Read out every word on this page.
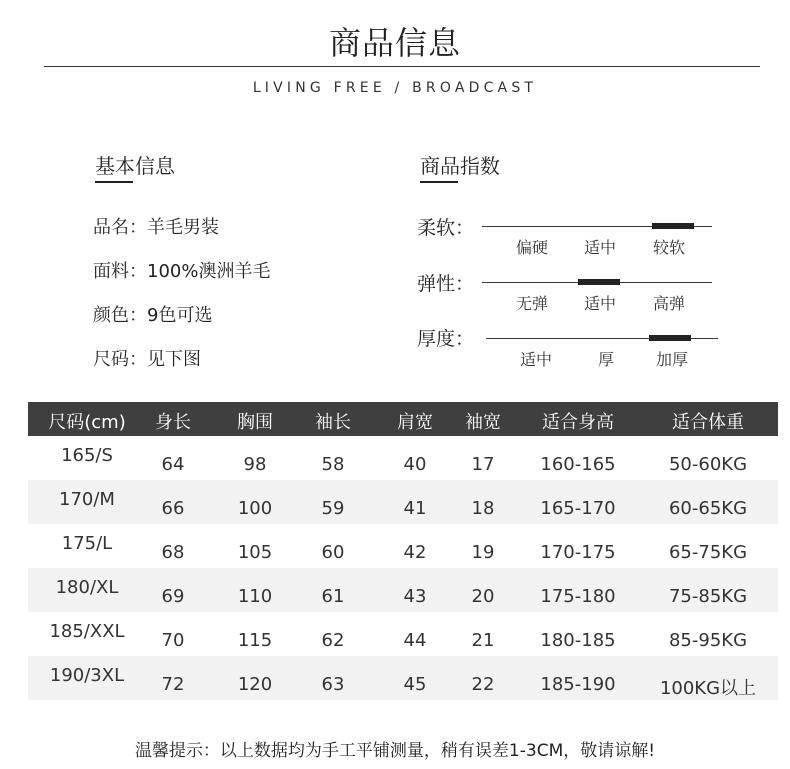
商品信息
LIVING FREE / BROADCAST
基本信息
品名：羊毛男装
面料：100%澳洲羊毛
颜色：9色可选
尺码：见下图
商品指数
柔软：
偏硬	适中	较软
弹性：
无弹	适中	高弹
厚度：
适中	厚	加厚
尺码(cm)	身长	胸围	袖长	肩宽	袖宽	适合身高	适合体重
165/S	64	98	58	40	17	160-165	50-60KG
170/M	66	100	59	41	18	165-170	60-65KG
175/L	68	105	60	42	19	170-175	65-75KG
180/XL	69	110	61	43	20	175-180	75-85KG
185/XXL	70	115	62	44	21	180-185	85-95KG
190/3XL	72	120	63	45	22	185-190	100KG以上
温馨提示：以上数据均为手工平铺测量，稍有误差1-3CM，敬请谅解!
